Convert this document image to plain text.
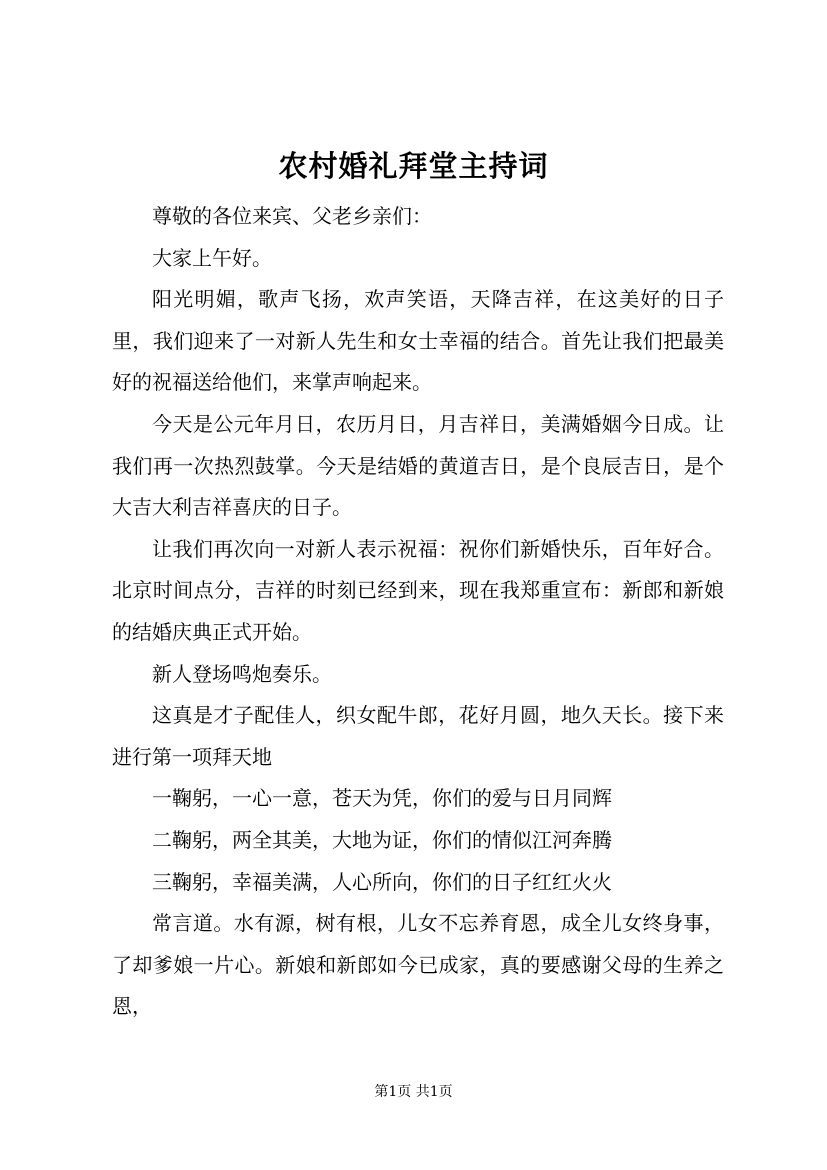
农村婚礼拜堂主持词

尊敬的各位来宾、父老乡亲们：

大家上午好。

阳光明媚，歌声飞扬，欢声笑语，天降吉祥，在这美好的日子里，我们迎来了一对新人先生和女士幸福的结合。首先让我们把最美好的祝福送给他们，来掌声响起来。

今天是公元年月日，农历月日，月吉祥日，美满婚姻今日成。让我们再一次热烈鼓掌。今天是结婚的黄道吉日，是个良辰吉日，是个大吉大利吉祥喜庆的日子。

让我们再次向一对新人表示祝福：祝你们新婚快乐，百年好合。北京时间点分，吉祥的时刻已经到来，现在我郑重宣布：新郎和新娘的结婚庆典正式开始。

新人登场鸣炮奏乐。

这真是才子配佳人，织女配牛郎，花好月圆，地久天长。接下来进行第一项拜天地

一鞠躬，一心一意，苍天为凭，你们的爱与日月同辉

二鞠躬，两全其美，大地为证，你们的情似江河奔腾

三鞠躬，幸福美满，人心所向，你们的日子红红火火

常言道。水有源，树有根，儿女不忘养育恩，成全儿女终身事，了却爹娘一片心。新娘和新郎如今已成家，真的要感谢父母的生养之恩，

第1页 共1页
